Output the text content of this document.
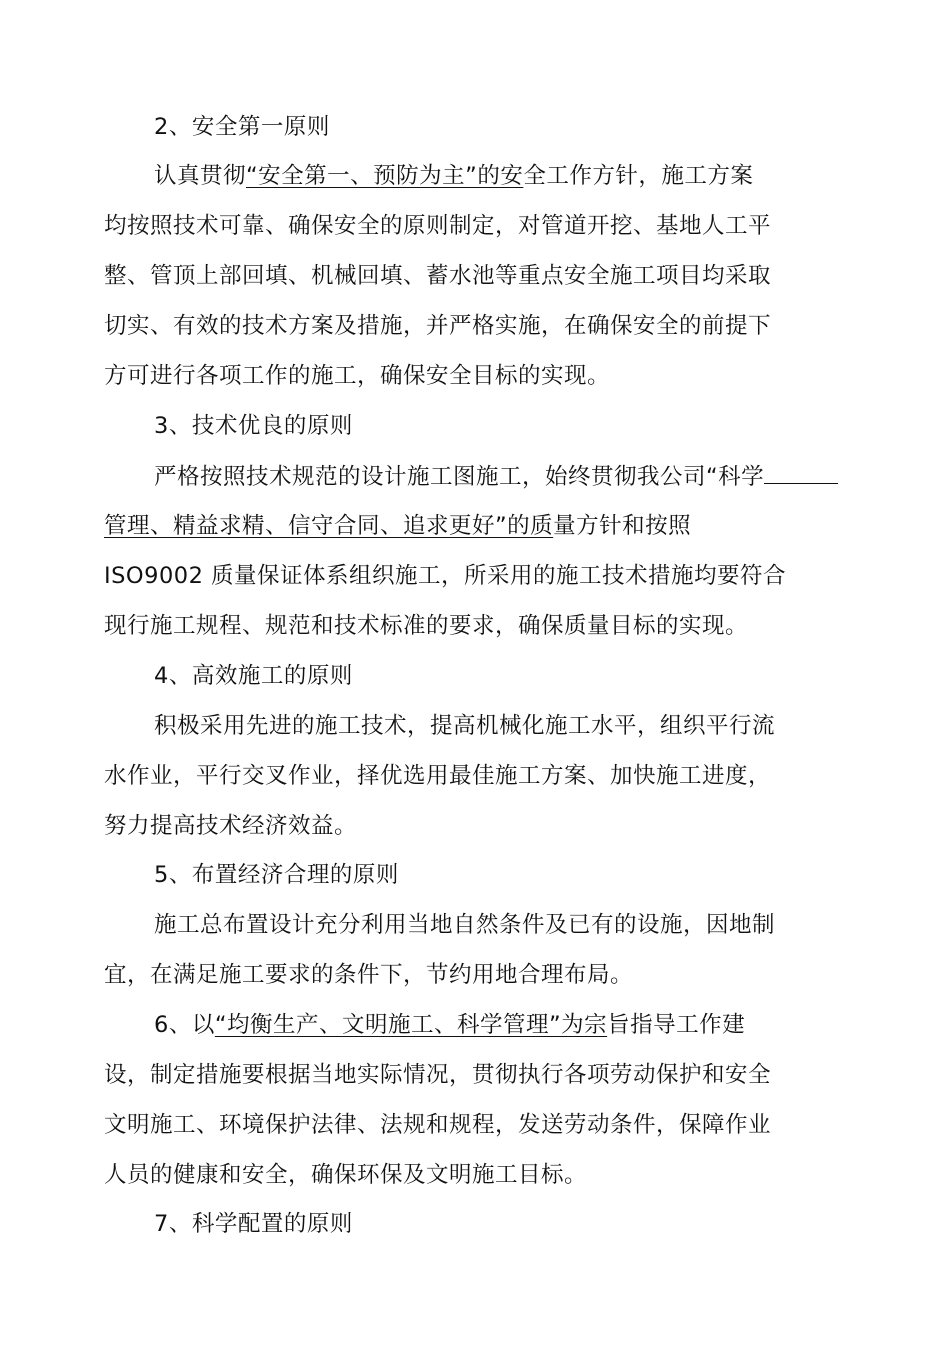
2、安全第一原则
认真贯彻“安全第一、预防为主”的安全工作方针，施工方案
均按照技术可靠、确保安全的原则制定，对管道开挖、基地人工平
整、管顶上部回填、机械回填、蓄水池等重点安全施工项目均采取
切实、有效的技术方案及措施，并严格实施，在确保安全的前提下
方可进行各项工作的施工，确保安全目标的实现。
3、技术优良的原则
严格按照技术规范的设计施工图施工，始终贯彻我公司“科学
管理、精益求精、信守合同、追求更好”的质量方针和按照
ISO9002 质量保证体系组织施工，所采用的施工技术措施均要符合
现行施工规程、规范和技术标准的要求，确保质量目标的实现。
4、高效施工的原则
积极采用先进的施工技术，提高机械化施工水平，组织平行流
水作业，平行交叉作业，择优选用最佳施工方案、加快施工进度，
努力提高技术经济效益。
5、布置经济合理的原则
施工总布置设计充分利用当地自然条件及已有的设施，因地制
宜，在满足施工要求的条件下，节约用地合理布局。
6、以“均衡生产、文明施工、科学管理”为宗旨指导工作建
设，制定措施要根据当地实际情况，贯彻执行各项劳动保护和安全
文明施工、环境保护法律、法规和规程，发送劳动条件，保障作业
人员的健康和安全，确保环保及文明施工目标。
7、科学配置的原则
